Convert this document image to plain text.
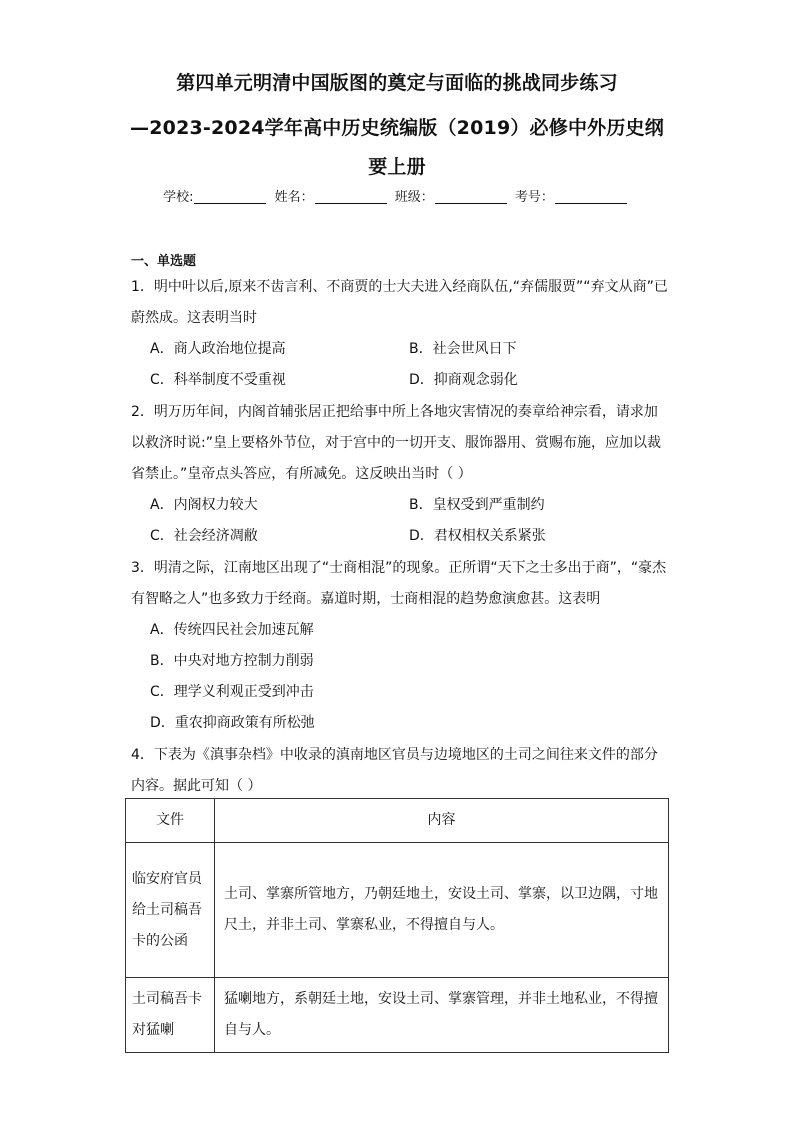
第四单元明清中国版图的奠定与面临的挑战同步练习
—2023-2024学年高中历史统编版（2019）必修中外历史纲
要上册
学校:	姓名：	班级：	考号：
一、单选题
1．明中叶以后,原来不齿言利、不商贾的士大夫进入经商队伍,“弃儒服贾”“弃文从商”已
蔚然成。这表明当时
A．商人政治地位提高	B．社会世风日下
C．科举制度不受重视	D．抑商观念弱化
2．明万历年间，内阁首辅张居正把给事中所上各地灾害情况的奏章给神宗看，请求加
以救济时说:”皇上要格外节位，对于宫中的一切开支、服饰器用、赏赐布施，应加以裁
省禁止。”皇帝点头答应，有所减免。这反映出当时（ ）
A．内阁权力较大	B．皇权受到严重制约
C．社会经济凋敝	D．君权相权关系紧张
3．明清之际，江南地区出现了“士商相混”的现象。正所谓“天下之士多出于商”，“豪杰
有智略之人”也多致力于经商。嘉道时期，士商相混的趋势愈演愈甚。这表明
A．传统四民社会加速瓦解
B．中央对地方控制力削弱
C．理学义利观正受到冲击
D．重农抑商政策有所松弛
4．下表为《滇事杂档》中收录的滇南地区官员与边境地区的土司之间往来文件的部分
内容。据此可知（ ）
文件	内容
临安府官员给土司稿吾卡的公函	土司、掌寨所管地方，乃朝廷地土，安设土司、掌寨，以卫边隅，寸地尺土，并非土司、掌寨私业，不得擅自与人。
土司稿吾卡对猛喇	猛喇地方，系朝廷土地，安设土司、掌寨管理，并非土地私业，不得擅自与人。
